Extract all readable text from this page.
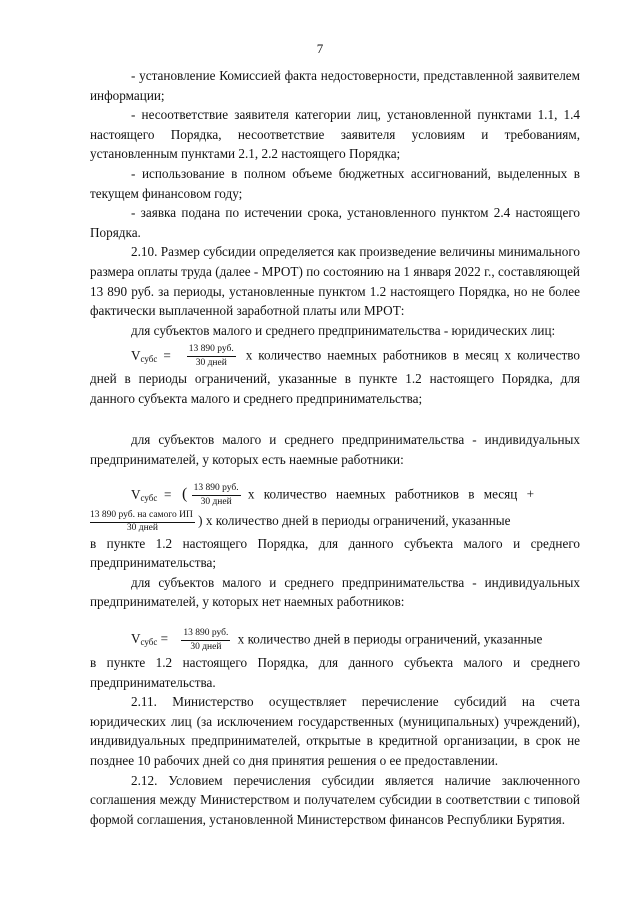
7

- установление Комиссией факта недостоверности, представленной заявителем информации;

- несоответствие заявителя категории лиц, установленной пунктами 1.1, 1.4 настоящего Порядка, несоответствие заявителя условиям и требованиям, установленным пунктами 2.1, 2.2 настоящего Порядка;

- использование в полном объеме бюджетных ассигнований, выделенных в текущем финансовом году;

- заявка подана по истечении срока, установленного пунктом 2.4 настоящего Порядка.

2.10. Размер субсидии определяется как произведение величины минимального размера оплаты труда (далее - МРОТ) по состоянию на 1 января 2022 г., составляющей 13 890 руб. за периоды, установленные пунктом 1.2 настоящего Порядка, но не более фактически выплаченной заработной платы или МРОТ:

для субъектов малого и среднего предпринимательства - юридических лиц:

$V_{субс} = \frac{\text{13 890 руб.}}{\text{30 дней}}$ х количество наемных работников в месяц х количество дней в периоды ограничений, указанные в пункте 1.2 настоящего Порядка, для данного субъекта малого и среднего предпринимательства;

для субъектов малого и среднего предпринимательства - индивидуальных предпринимателей, у которых есть наемные работники:

$V_{субс}$ = ( $\frac{\text{13 890 руб.}}{\text{30 дней}}$ х количество наемных работников в месяц +
$\frac{\text{13 890 руб. на самого ИП}}{\text{30 дней}}$ ) х количество дней в периоды ограничений, указанные

в пункте 1.2 настоящего Порядка, для данного субъекта малого и среднего предпринимательства;

для субъектов малого и среднего предпринимательства - индивидуальных предпринимателей, у которых нет наемных работников:

$V_{субс} = \frac{\text{13 890 руб.}}{\text{30 дней}}$ х количество дней в периоды ограничений, указанные

в пункте 1.2 настоящего Порядка, для данного субъекта малого и среднего предпринимательства.

2.11. Министерство осуществляет перечисление субсидий на счета юридических лиц (за исключением государственных (муниципальных) учреждений), индивидуальных предпринимателей, открытые в кредитной организации, в срок не позднее 10 рабочих дней со дня принятия решения о ее предоставлении.

2.12. Условием перечисления субсидии является наличие заключенного соглашения между Министерством и получателем субсидии в соответствии с типовой формой соглашения, установленной Министерством финансов Республики Бурятия.
